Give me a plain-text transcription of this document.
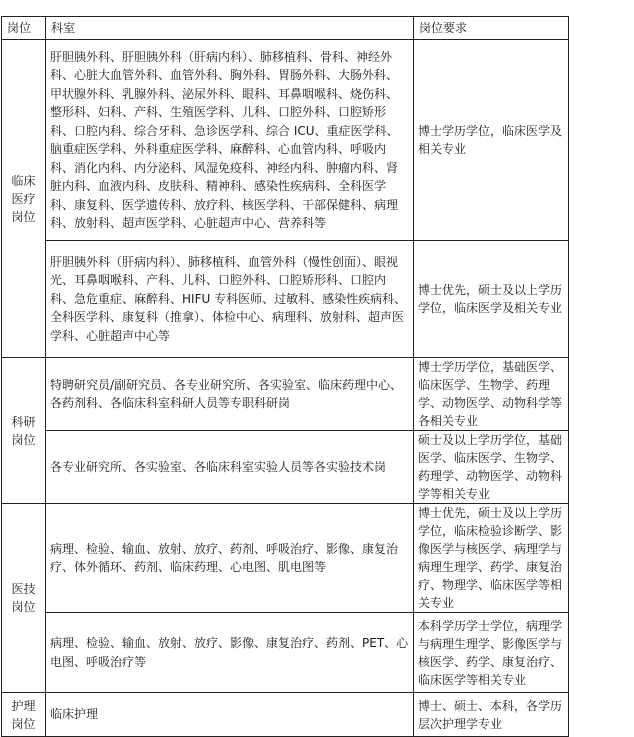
岗位	科室	岗位要求
临床医疗岗位	肝胆胰外科、肝胆胰外科（肝病内科）、肺移植科、骨科、神经外科、心脏大血管外科、血管外科、胸外科、胃肠外科、大肠外科、甲状腺外科、乳腺外科、泌尿外科、眼科、耳鼻咽喉科、烧伤科、整形科、妇科、产科、生殖医学科、儿科、口腔外科、口腔矫形科、口腔内科、综合牙科、急诊医学科、综合 ICU、重症医学科、脑重症医学科、外科重症医学科、麻醉科、心血管内科、呼吸内科、消化内科、内分泌科、风湿免疫科、神经内科、肿瘤内科、肾脏内科、血液内科、皮肤科、精神科、感染性疾病科、全科医学科、康复科、医学遗传科、放疗科、核医学科、干部保健科、病理科、放射科、超声医学科、心脏超声中心、营养科等	博士学历学位，临床医学及相关专业
	肝胆胰外科（肝病内科）、肺移植科、血管外科（慢性创面）、眼视光、耳鼻咽喉科、产科、儿科、口腔外科、口腔矫形科、口腔内科、急危重症、麻醉科、HIFU 专科医师、过敏科、感染性疾病科、全科医学科、康复科（推拿）、体检中心、病理科、放射科、超声医学科、心脏超声中心等	博士优先，硕士及以上学历学位，临床医学及相关专业
科研岗位	特聘研究员/副研究员、各专业研究所、各实验室、临床药理中心、各药剂科、各临床科室科研人员等专职科研岗	博士学历学位，基础医学、临床医学、生物学、药理学、动物医学、动物科学等各相关专业
	各专业研究所、各实验室、各临床科室实验人员等各实验技术岗	硕士及以上学历学位，基础医学、临床医学、生物学、药理学、动物医学、动物科学等相关专业
医技岗位	病理、检验、输血、放射、放疗、药剂、呼吸治疗、影像、康复治疗、体外循环、药剂、临床药理、心电图、肌电图等	博士优先，硕士及以上学历学位，临床检验诊断学、影像医学与核医学、病理学与病理生理学、药学、康复治疗、物理学、临床医学等相关专业
	病理、检验、输血、放射、放疗、影像、康复治疗、药剂、PET、心电图、呼吸治疗等	本科学历学士学位，病理学与病理生理学、影像医学与核医学、药学、康复治疗、临床医学等相关专业
护理岗位	临床护理	博士、硕士、本科，各学历层次护理学专业
